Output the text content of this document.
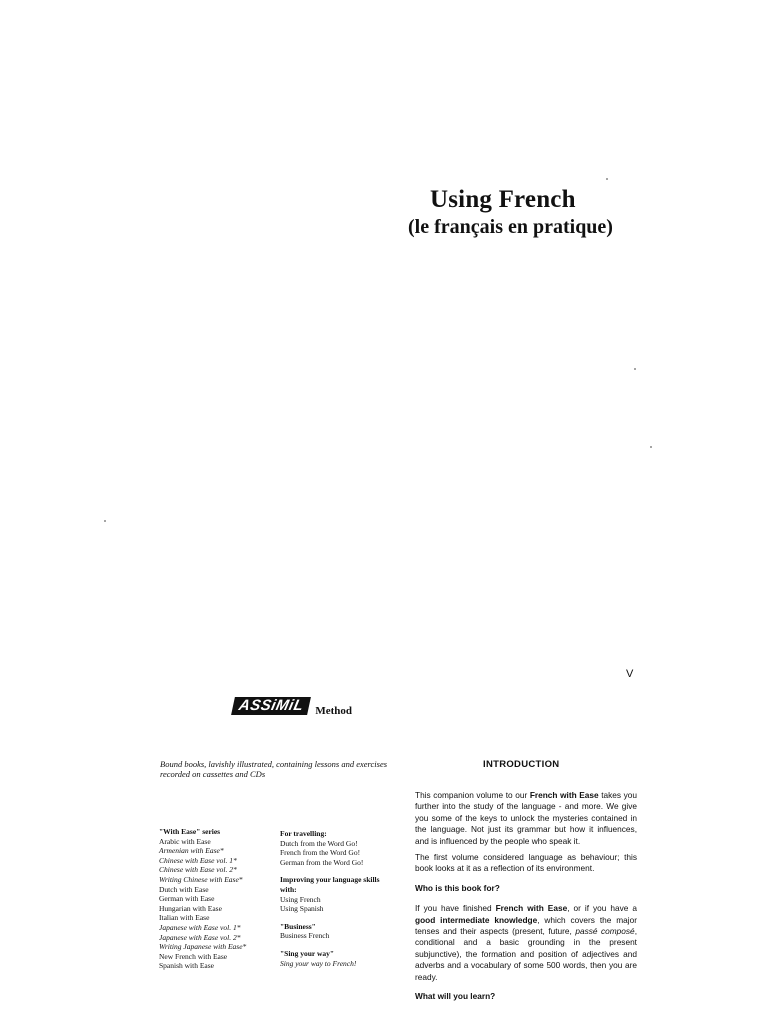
Using French
(le français en pratique)
V
ASSiMiL Method
Bound books, lavishly illustrated, containing lessons and exercises recorded on cassettes and CDs
"With Ease" series
Arabic with Ease
Armenian with Ease*
Chinese with Ease vol. 1*
Chinese with Ease vol. 2*
Writing Chinese with Ease*
Dutch with Ease
German with Ease
Hungarian with Ease
Italian with Ease
Japanese with Ease vol. 1*
Japanese with Ease vol. 2*
Writing Japanese with Ease*
New French with Ease
Spanish with Ease
For travelling:
Dutch from the Word Go!
French from the Word Go!
German from the Word Go!
Improving your language skills
with:
Using French
Using Spanish
"Business"
Business French
"Sing your way"
Sing your way to French!
INTRODUCTION

This companion volume to our French with Ease takes you further into the study of the language - and more. We give you some of the keys to unlock the mysteries contained in the language. Not just its grammar but how it influences, and is influenced by the people who speak it.

The first volume considered language as behaviour; this book looks at it as a reflection of its environment.

Who is this book for?

If you have finished French with Ease, or if you have a good intermediate knowledge, which covers the major tenses and their aspects (present, future, passé composé, conditional and a basic grounding in the present subjunctive), the formation and position of adjectives and adverbs and a vocabulary of some 500 words, then you are ready.

What will you learn?
